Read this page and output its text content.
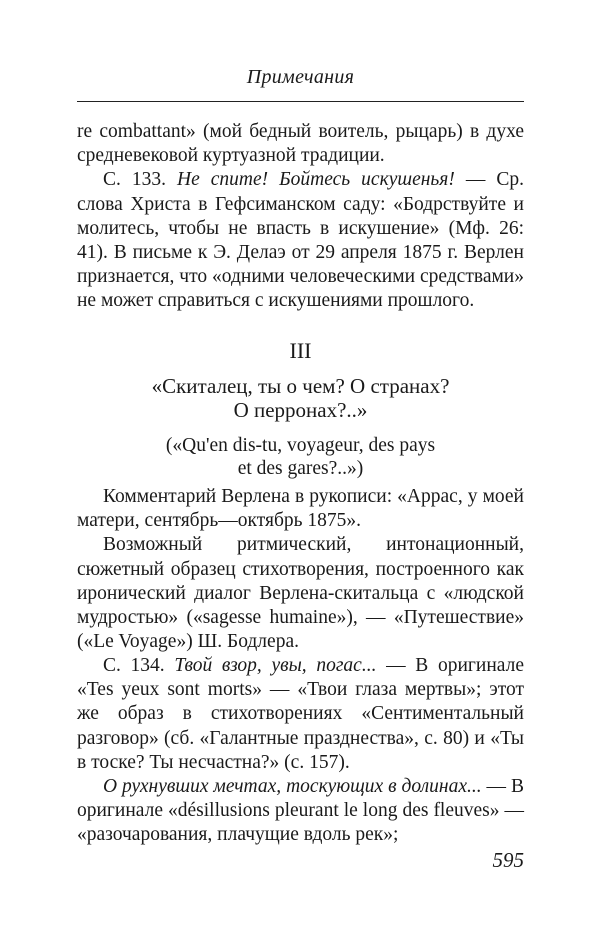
Примечания

re combattant» (мой бедный воитель, рыцарь) в духе средневековой куртуазной традиции.

С. 133. Не спите! Бойтесь искушенья! — Ср. слова Христа в Гефсиманском саду: «Бодрствуйте и молитесь, чтобы не впасть в искушение» (Мф. 26: 41). В письме к Э. Делаэ от 29 апреля 1875 г. Верлен признается, что «одними человеческими средствами» не может справиться с искушениями прошлого.

III

«Скиталец, ты о чем? О странах?

О перронах?..»

(«Qu'en dis-tu, voyageur, des pays

et des gares?..»)

Комментарий Верлена в рукописи: «Аррас, у моей матери, сентябрь—октябрь 1875».

Возможный ритмический, интонационный, сюжетный образец стихотворения, построенного как иронический диалог Верлена-скитальца с «людской мудростью» («sagesse humaine»), — «Путешествие» («Le Voyage») Ш. Бодлера.

С. 134. Твой взор, увы, погас... — В оригинале «Tes yeux sont morts» — «Твои глаза мертвы»; этот же образ в стихотворениях «Сентиментальный разговор» (сб. «Галантные празднества», с. 80) и «Ты в тоске? Ты несчастна?» (с. 157).

О рухнувших мечтах, тоскующих в долинах... — В оригинале «désillusions pleurant le long des fleuves» — «разочарования, плачущие вдоль рек»;

595
